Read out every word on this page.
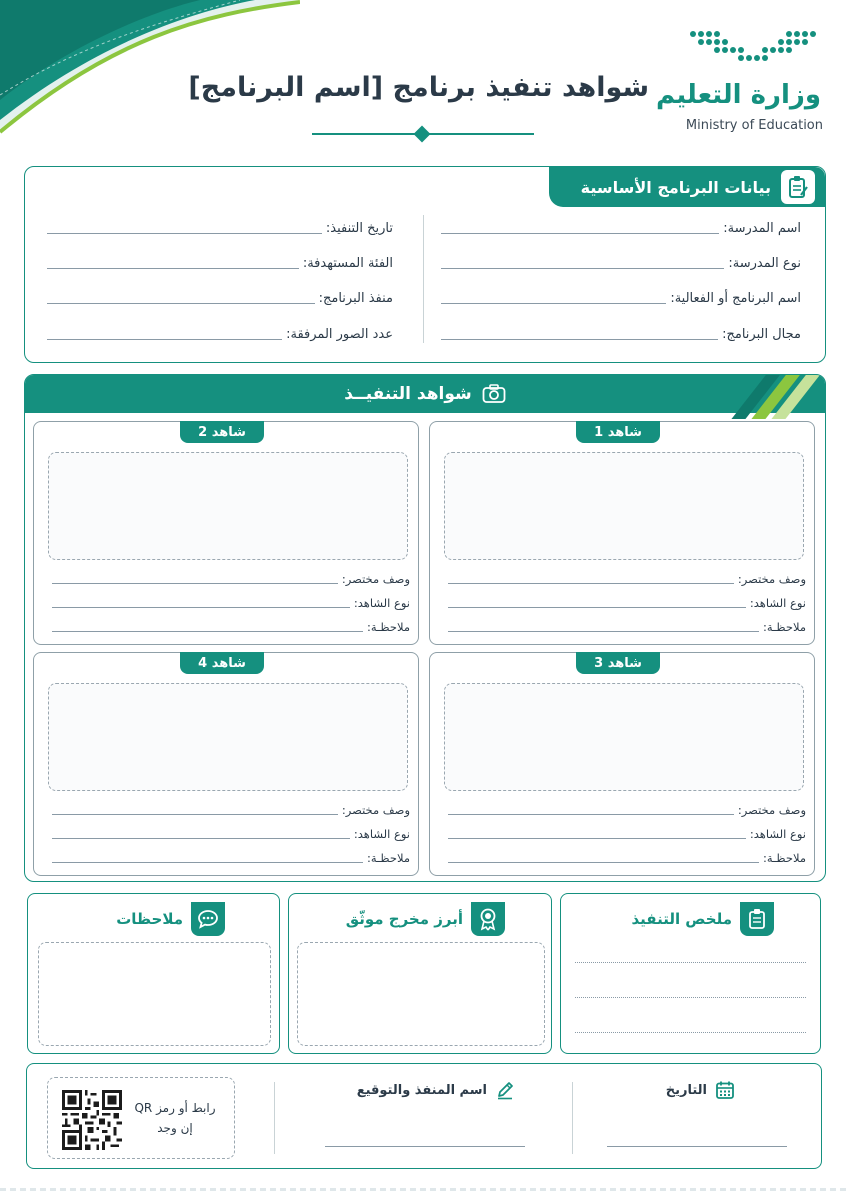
وزارة التعليم
Ministry of Education
شواهد تنفيذ برنامج [اسم البرنامج]
بيانات البرنامج الأساسية
اسم المدرسة:
نوع المدرسة:
اسم البرنامج أو الفعالية:
مجال البرنامج:
تاريخ التنفيذ:
الفئة المستهدفة:
منفذ البرنامج:
عدد الصور المرفقة:
شواهد التنفيــذ
شاهد 1
وصف مختصر:
نوع الشاهد:
ملاحظـة:
شاهد 2
وصف مختصر:
نوع الشاهد:
ملاحظـة:
شاهد 3
وصف مختصر:
نوع الشاهد:
ملاحظـة:
شاهد 4
وصف مختصر:
نوع الشاهد:
ملاحظـة:
ملخص التنفيذ
أبرز مخرج موثّق
ملاحظات
التاريخ
اسم المنفذ والتوقيع
رابط أو رمز QR
إن وجد
